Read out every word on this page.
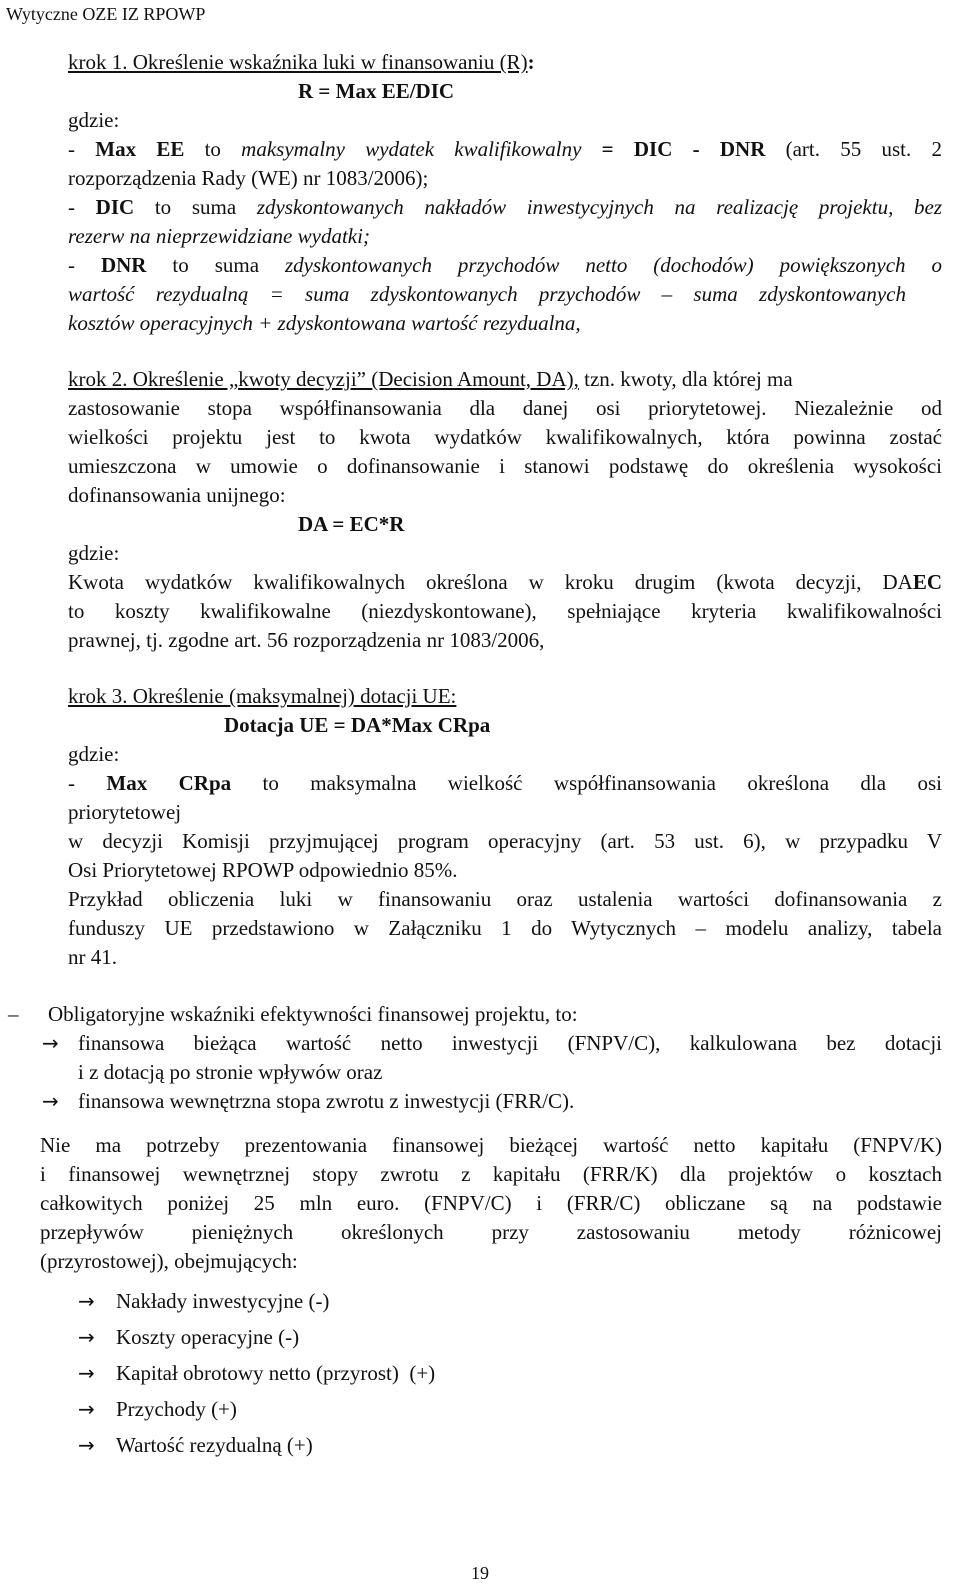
Wytyczne OZE IZ RPOWP
krok 1. Określenie wskaźnika luki w finansowaniu (R):
R = Max EE/DIC
gdzie:
- Max EE to maksymalny wydatek kwalifikowalny = DIC - DNR (art. 55 ust. 2
rozporządzenia Rady (WE) nr 1083/2006);
- DIC to suma zdyskontowanych nakładów inwestycyjnych na realizację projektu, bez
rezerw na nieprzewidziane wydatki;
- DNR to suma zdyskontowanych przychodów netto (dochodów) powiększonych o
wartość rezydualną = suma zdyskontowanych przychodów – suma zdyskontowanych
kosztów operacyjnych + zdyskontowana wartość rezydualna,
krok 2. Określenie „kwoty decyzji” (Decision Amount, DA), tzn. kwoty, dla której ma
zastosowanie stopa współfinansowania dla danej osi priorytetowej. Niezależnie od
wielkości projektu jest to kwota wydatków kwalifikowalnych, która powinna zostać
umieszczona w umowie o dofinansowanie i stanowi podstawę do określenia wysokości
dofinansowania unijnego:
DA = EC*R
gdzie:
Kwota wydatków kwalifikowalnych określona w kroku drugim (kwota decyzji, DAEC
to koszty kwalifikowalne (niezdyskontowane), spełniające kryteria kwalifikowalności
prawnej, tj. zgodne art. 56 rozporządzenia nr 1083/2006,
krok 3. Określenie (maksymalnej) dotacji UE:
Dotacja UE = DA*Max CRpa
gdzie:
- Max CRpa to maksymalna wielkość współfinansowania określona dla osi
priorytetowej
w decyzji Komisji przyjmującej program operacyjny (art. 53 ust. 6), w przypadku V
Osi Priorytetowej RPOWP odpowiednio 85%.
Przykład obliczenia luki w finansowaniu oraz ustalenia wartości dofinansowania z
funduszy UE przedstawiono w Załączniku 1 do Wytycznych – modelu analizy, tabela
nr 41.
– Obligatoryjne wskaźniki efektywności finansowej projektu, to:
→ finansowa bieżąca wartość netto inwestycji (FNPV/C), kalkulowana bez dotacji
i z dotacją po stronie wpływów oraz
→ finansowa wewnętrzna stopa zwrotu z inwestycji (FRR/C).
Nie ma potrzeby prezentowania finansowej bieżącej wartość netto kapitału (FNPV/K)
i finansowej wewnętrznej stopy zwrotu z kapitału (FRR/K) dla projektów o kosztach
całkowitych poniżej 25 mln euro. (FNPV/C) i (FRR/C) obliczane są na podstawie
przepływów pieniężnych określonych przy zastosowaniu metody różnicowej
(przyrostowej), obejmujących:
→ Nakłady inwestycyjne (-)
→ Koszty operacyjne (-)
→ Kapitał obrotowy netto (przyrost)  (+)
→ Przychody (+)
→ Wartość rezydualną (+)
19
